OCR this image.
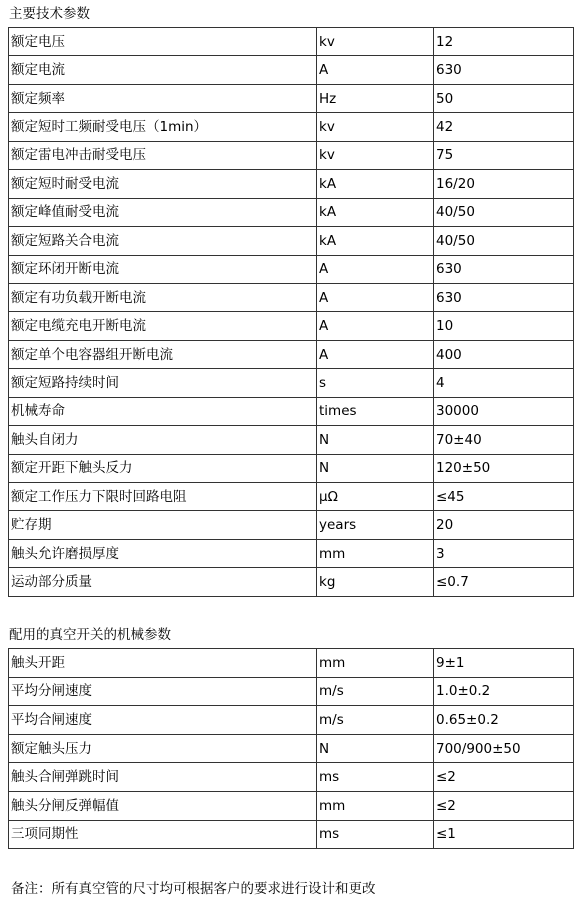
主要技术参数
额定电压	kv	12
额定电流	A	630
额定频率	Hz	50
额定短时工频耐受电压（1min）	kv	42
额定雷电冲击耐受电压	kv	75
额定短时耐受电流	kA	16/20
额定峰值耐受电流	kA	40/50
额定短路关合电流	kA	40/50
额定环闭开断电流	A	630
额定有功负载开断电流	A	630
额定电缆充电开断电流	A	10
额定单个电容器组开断电流	A	400
额定短路持续时间	s	4
机械寿命	times	30000
触头自闭力	N	70±40
额定开距下触头反力	N	120±50
额定工作压力下限时回路电阻	μΩ	≤45
贮存期	years	20
触头允许磨损厚度	mm	3
运动部分质量	kg	≤0.7
配用的真空开关的机械参数
触头开距	mm	9±1
平均分闸速度	m/s	1.0±0.2
平均合闸速度	m/s	0.65±0.2
额定触头压力	N	700/900±50
触头合闸弹跳时间	ms	≤2
触头分闸反弹幅值	mm	≤2
三项同期性	ms	≤1
备注：所有真空管的尺寸均可根据客户的要求进行设计和更改
